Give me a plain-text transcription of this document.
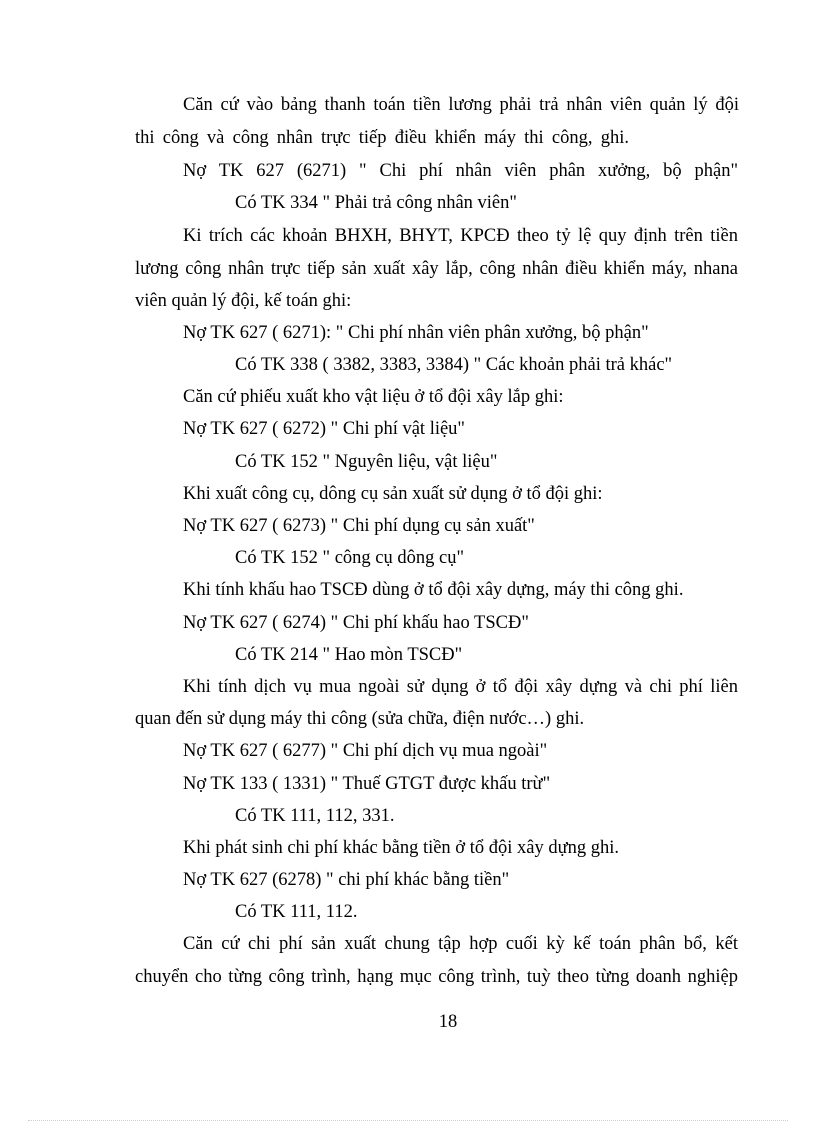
Căn cứ vào bảng thanh toán tiền lương phải trả nhân viên quản lý đội
thi công và công nhân trực tiếp điều khiển máy thi công, ghi.
Nợ TK 627 (6271) " Chi phí nhân viên phân xưởng, bộ phận"
Có TK 334 " Phải trả công nhân viên"
Ki trích các khoản BHXH, BHYT, KPCĐ theo tỷ lệ quy định trên tiền
lương công nhân trực tiếp sản xuất xây lắp, công nhân điều khiển máy, nhana
viên quản lý đội, kế toán ghi:
Nợ TK 627 ( 6271): " Chi phí nhân viên phân xưởng, bộ phận"
Có TK 338 ( 3382, 3383, 3384) " Các khoản phải trả khác"
Căn cứ phiếu xuất kho vật liệu ở tổ đội xây lắp ghi:
Nợ TK 627 ( 6272) " Chi phí vật liệu"
Có TK 152 " Nguyên liệu, vật liệu"
Khi xuất công cụ, dông cụ sản xuất sử dụng ở tổ đội ghi:
Nợ TK 627 ( 6273) " Chi phí dụng cụ sản xuất"
Có TK 152 " công cụ dông cụ"
Khi tính khấu hao TSCĐ dùng ở tổ đội xây dựng, máy thi công ghi.
Nợ TK 627 ( 6274) " Chi phí khấu hao TSCĐ"
Có TK 214 " Hao mòn TSCĐ"
Khi tính dịch vụ mua ngoài sử dụng ở tổ đội xây dựng và chi phí liên
quan đến sử dụng máy thi công (sửa chữa, điện nước…) ghi.
Nợ TK 627 ( 6277) " Chi phí dịch vụ mua ngoài"
Nợ TK 133 ( 1331) " Thuế GTGT được khấu trừ"
Có TK 111, 112, 331.
Khi phát sinh chi phí khác bằng tiền ở tổ đội xây dựng ghi.
Nợ TK 627 (6278) " chi phí khác bằng tiền"
Có TK 111, 112.
Căn cứ chi phí sản xuất chung tập hợp cuối kỳ kế toán phân bổ, kết
chuyển cho từng công trình, hạng mục công trình, tuỳ theo từng doanh nghiệp
18
